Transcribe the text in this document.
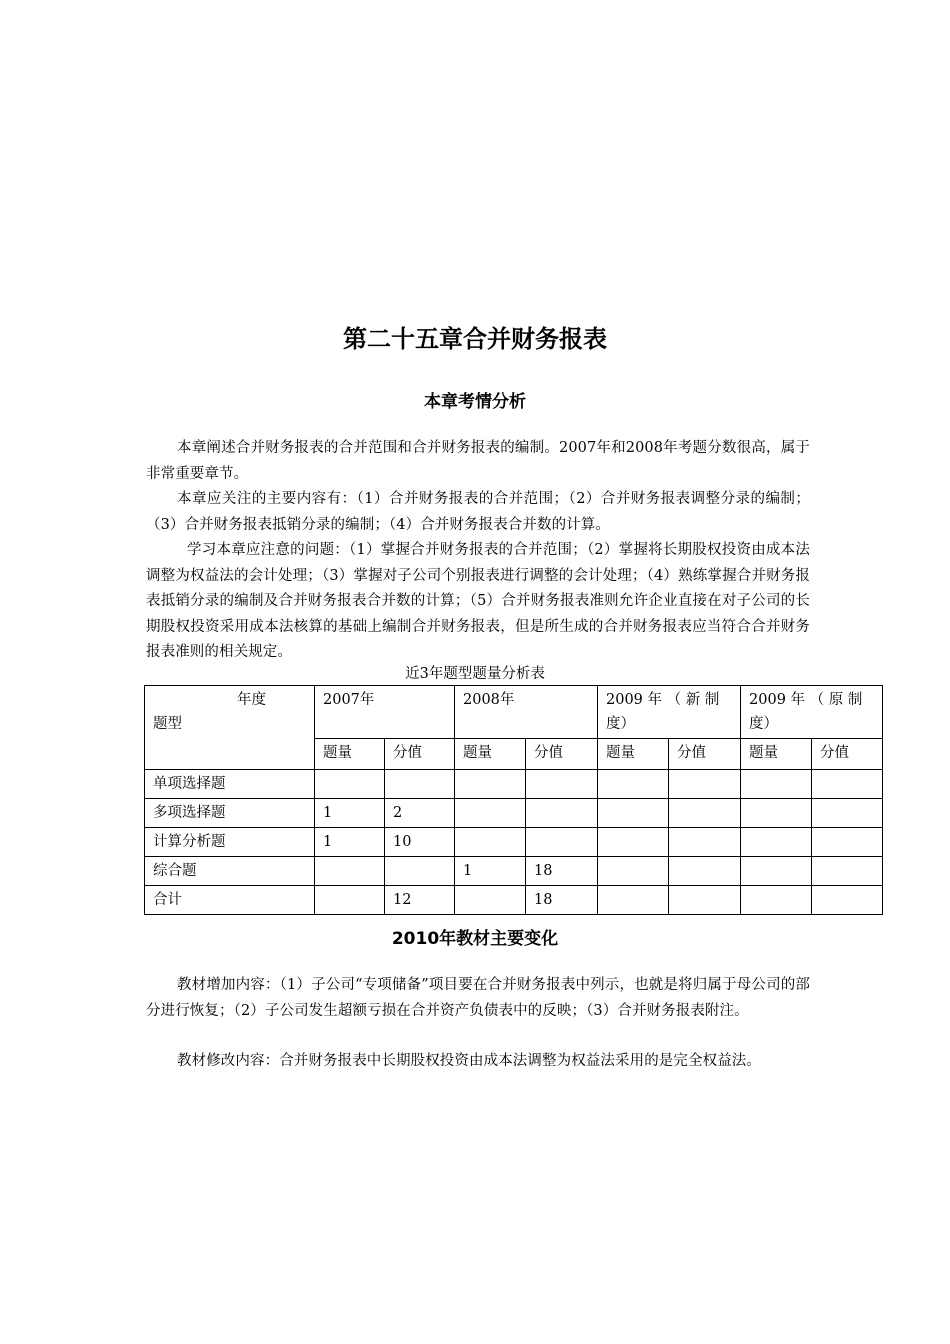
第二十五章合并财务报表
本章考情分析

本章阐述合并财务报表的合并范围和合并财务报表的编制。2007年和2008年考题分数很高，属于非常重要章节。

本章应关注的主要内容有：（1）合并财务报表的合并范围；（2）合并财务报表调整分录的编制；（3）合并财务报表抵销分录的编制；（4）合并财务报表合并数的计算。

学习本章应注意的问题：（1）掌握合并财务报表的合并范围；（2）掌握将长期股权投资由成本法调整为权益法的会计处理；（3）掌握对子公司个别报表进行调整的会计处理；（4）熟练掌握合并财务报表抵销分录的编制及合并财务报表合并数的计算；（5）合并财务报表准则允许企业直接在对子公司的长期股权投资采用成本法核算的基础上编制合并财务报表，但是所生成的合并财务报表应当符合合并财务报表准则的相关规定。

近3年题型题量分析表

年度
题型	2007年		2008年		2009 年 （ 新 制 度）		2009 年 （ 原 制 度）	
	题量	分值	题量	分值	题量	分值	题量	分值
单项选择题								
多项选择题	1	2						
计算分析题	1	10						
综合题			1	18				
合计		12		18				
2010年教材主要变化

教材增加内容：（1）子公司“专项储备”项目要在合并财务报表中列示，也就是将归属于母公司的部分进行恢复；（2）子公司发生超额亏损在合并资产负债表中的反映；（3）合并财务报表附注。

教材修改内容：合并财务报表中长期股权投资由成本法调整为权益法采用的是完全权益法。
